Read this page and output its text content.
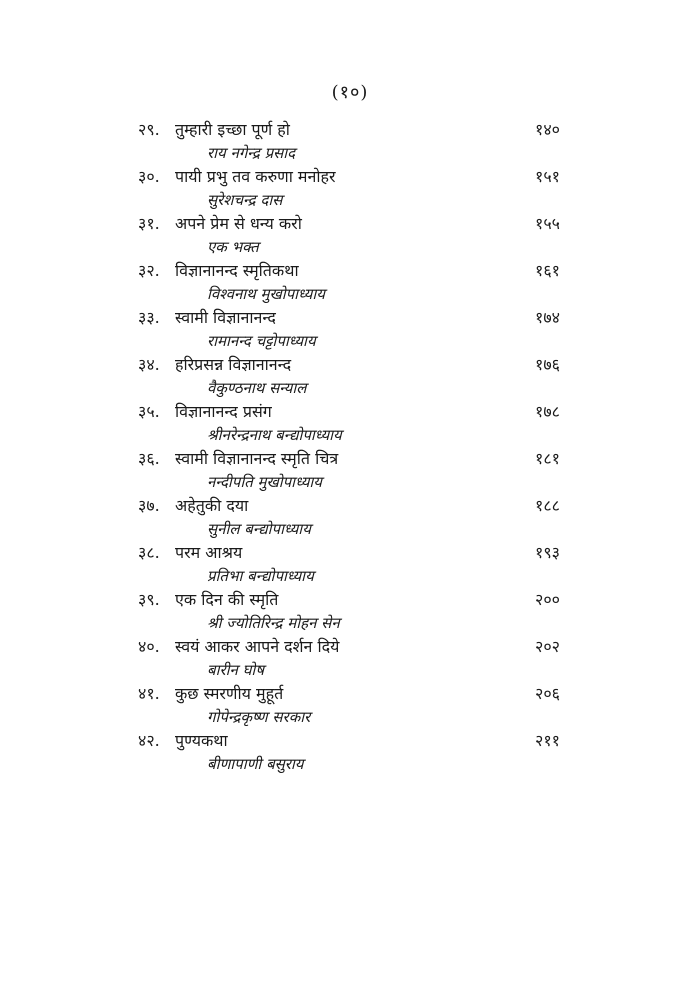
(१०)
२९. तुम्हारी इच्छा पूर्ण हो	१४०
राय नगेन्द्र प्रसाद
३०. पायी प्रभु तव करुणा मनोहर	१५१
सुरेशचन्द्र दास
३१. अपने प्रेम से धन्य करो	१५५
एक भक्त
३२. विज्ञानानन्द स्मृतिकथा	१६१
विश्वनाथ मुखोपाध्याय
३३. स्वामी विज्ञानानन्द	१७४
रामानन्द चट्टोपाध्याय
३४. हरिप्रसन्न विज्ञानानन्द	१७६
वैकुण्ठनाथ सन्याल
३५. विज्ञानानन्द प्रसंग	१७८
श्रीनरेन्द्रनाथ बन्द्योपाध्याय
३६. स्वामी विज्ञानानन्द स्मृति चित्र	१८१
नन्दीपति मुखोपाध्याय
३७. अहेतुकी दया	१८८
सुनील बन्द्योपाध्याय
३८. परम आश्रय	१९३
प्रतिभा बन्द्योपाध्याय
३९. एक दिन की स्मृति	२००
श्री ज्योतिरिन्द्र मोहन सेन
४०. स्वयं आकर आपने दर्शन दिये	२०२
बारीन घोष
४१. कुछ स्मरणीय मुहूर्त	२०६
गोपेन्द्रकृष्ण सरकार
४२. पुण्यकथा	२११
बीणापाणी बसुराय
